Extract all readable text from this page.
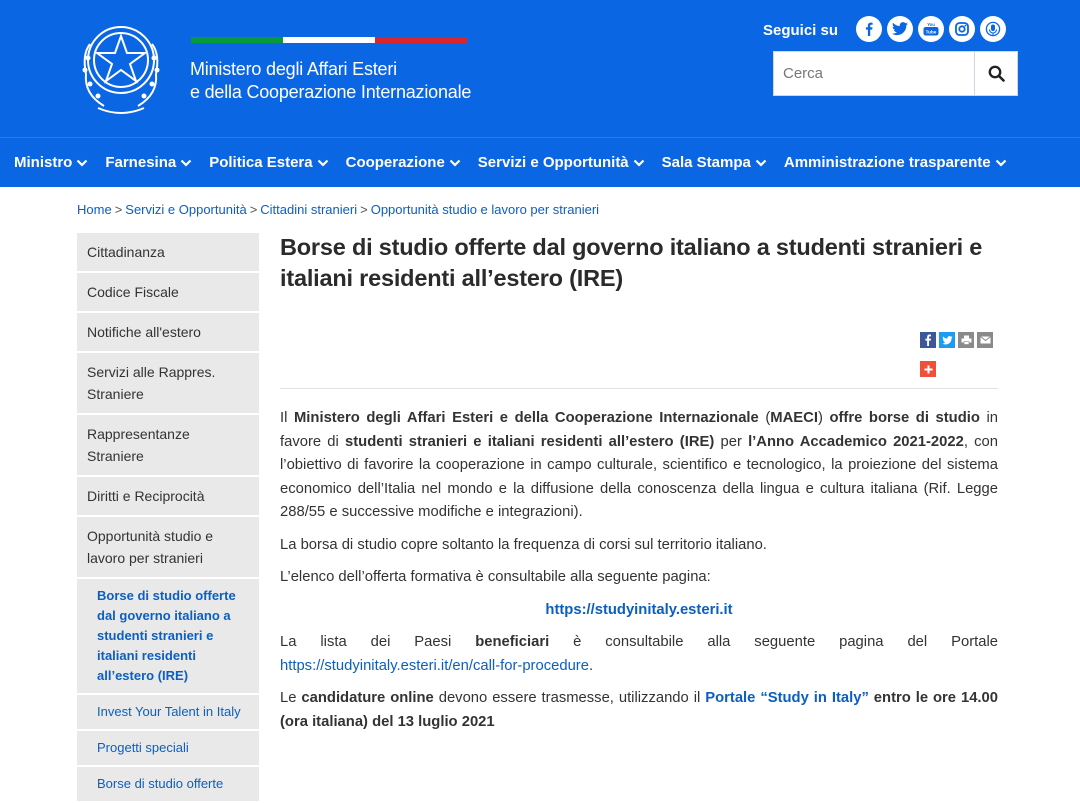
Ministero degli Affari Esteri
e della Cooperazione Internazionale
Seguici su	You
Tube
Cerca
Ministro Farnesina Politica Estera Cooperazione Servizi e Opportunità Sala Stampa Amministrazione trasparente
Home > Servizi e Opportunità > Cittadini stranieri > Opportunità studio e lavoro per stranieri
Cittadinanza
Codice Fiscale
Notifiche all'estero
Servizi alle Rappres. Straniere
Rappresentanze Straniere
Diritti e Reciprocità
Opportunità studio e lavoro per stranieri
Borse di studio offerte dal governo italiano a studenti stranieri e italiani residenti all’estero (IRE)
Invest Your Talent in Italy
Progetti speciali
Borse di studio offerte
Borse di studio offerte dal governo italiano a studenti stranieri e italiani residenti all’estero (IRE)

Il Ministero degli Affari Esteri e della Cooperazione Internazionale (MAECI) offre borse di studio in favore di studenti stranieri e italiani residenti all’estero (IRE) per l’Anno Accademico 2021-2022, con l’obiettivo di favorire la cooperazione in campo culturale, scientifico e tecnologico, la proiezione del sistema economico dell’Italia nel mondo e la diffusione della conoscenza della lingua e cultura italiana (Rif. Legge 288/55 e successive modifiche e integrazioni).

La borsa di studio copre soltanto la frequenza di corsi sul territorio italiano.

L’elenco dell’offerta formativa è consultabile alla seguente pagina:

https://studyinitaly.esteri.it

La lista dei Paesi beneficiari è consultabile alla seguente pagina del Portale https://studyinitaly.esteri.it/en/call-for-procedure.

Le candidature online devono essere trasmesse, utilizzando il Portale “Study in Italy” entro le ore 14.00 (ora italiana) del 13 luglio 2021
